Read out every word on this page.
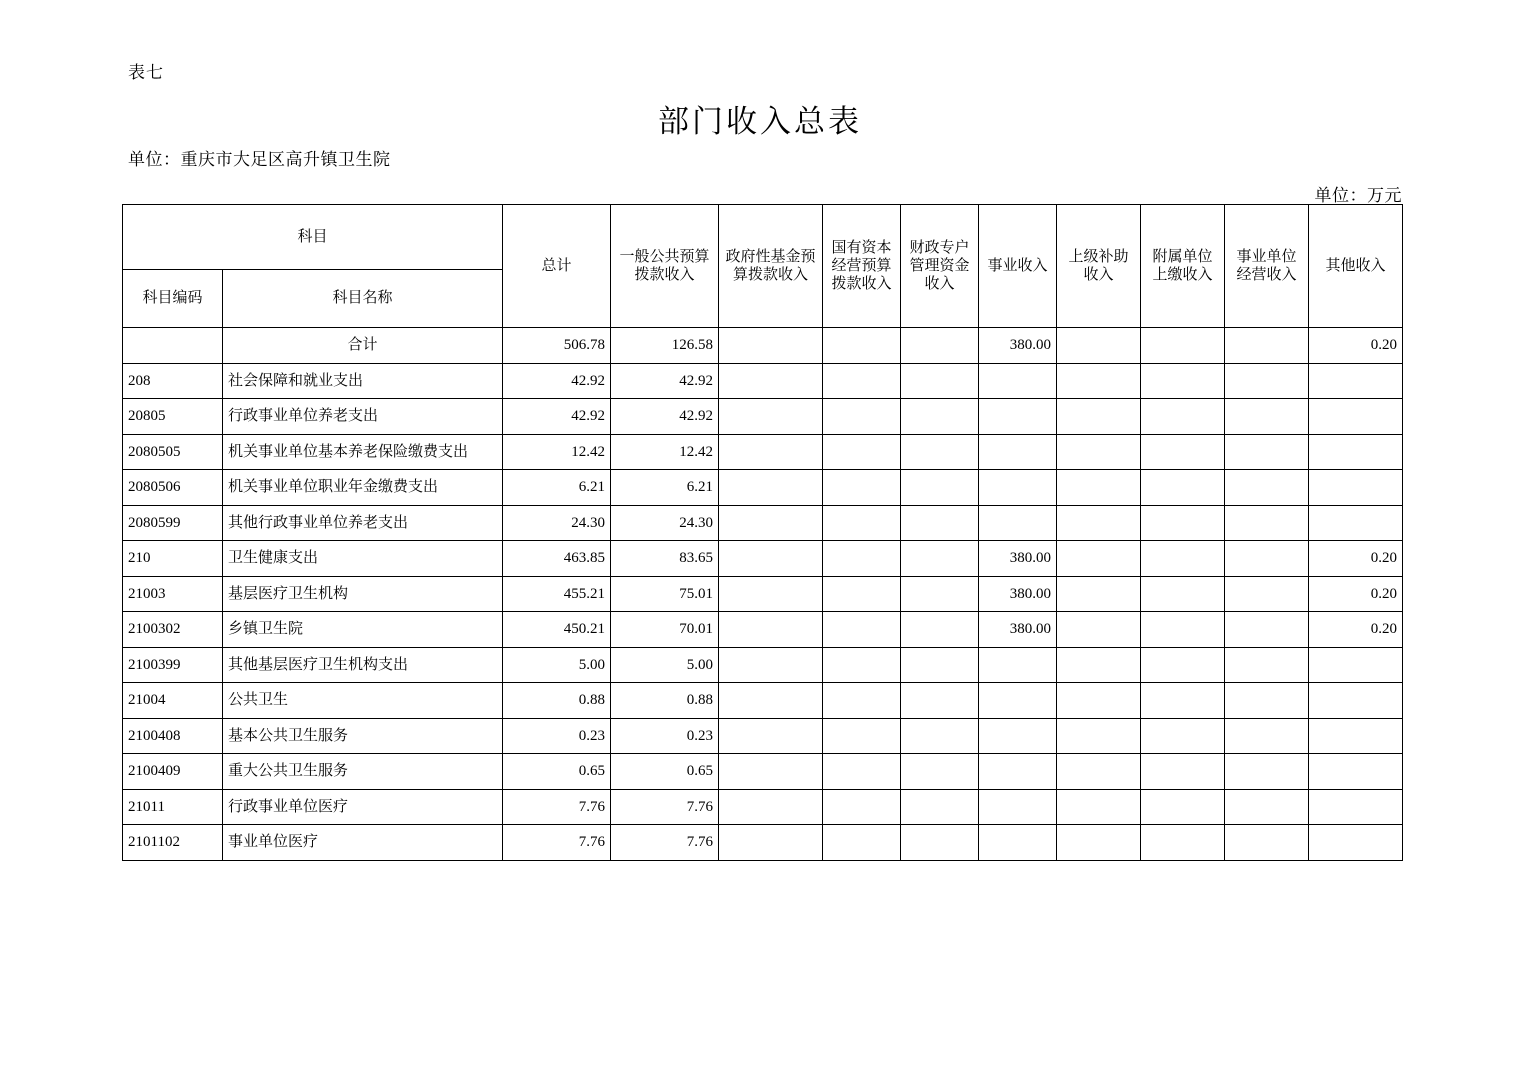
表七
部门收入总表
单位：重庆市大足区高升镇卫生院
单位：万元
科目		总计	一般公共预算拨款收入	政府性基金预算拨款收入	国有资本经营预算拨款收入	财政专户管理资金收入	事业收入	上级补助收入	附属单位上缴收入	事业单位经营收入	其他收入
科目编码	科目名称										
	合计	506.78	126.58				380.00				0.20
208	社会保障和就业支出	42.92	42.92								
20805	行政事业单位养老支出	42.92	42.92								
2080505	机关事业单位基本养老保险缴费支出	12.42	12.42								
2080506	机关事业单位职业年金缴费支出	6.21	6.21								
2080599	其他行政事业单位养老支出	24.30	24.30								
210	卫生健康支出	463.85	83.65				380.00				0.20
21003	基层医疗卫生机构	455.21	75.01				380.00				0.20
2100302	乡镇卫生院	450.21	70.01				380.00				0.20
2100399	其他基层医疗卫生机构支出	5.00	5.00								
21004	公共卫生	0.88	0.88								
2100408	基本公共卫生服务	0.23	0.23								
2100409	重大公共卫生服务	0.65	0.65								
21011	行政事业单位医疗	7.76	7.76								
2101102	事业单位医疗	7.76	7.76								
